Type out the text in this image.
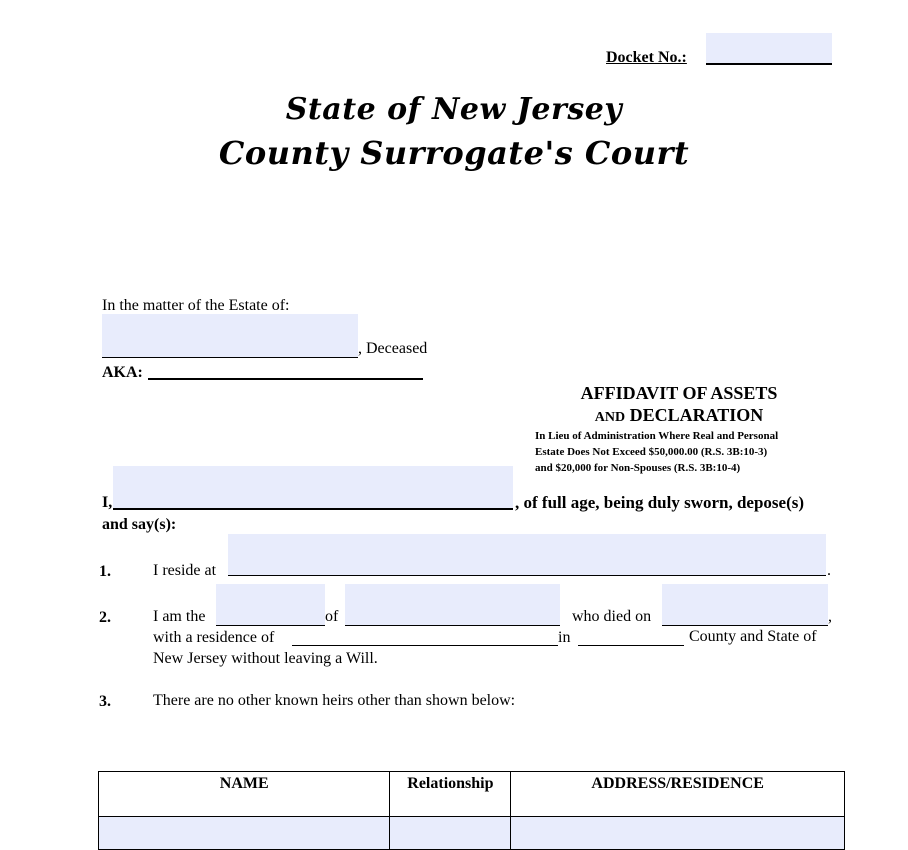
Docket No.:
State of New Jersey
County Surrogate's Court
In the matter of the Estate of:
, Deceased
AKA:
AFFIDAVIT OF ASSETS
AND DECLARATION
In Lieu of Administration Where Real and Personal
Estate Does Not Exceed $50,000.00 (R.S. 3B:10-3)
and $20,000 for Non-Spouses (R.S. 3B:10-4)
I,	, of full age, being duly sworn, depose(s)
and say(s):
1.	I reside at	.
2.	I am the	of	who died on	,
with a residence of	in	County and State of
New Jersey without leaving a Will.
3.	There are no other known heirs other than shown below:
NAME	Relationship	ADDRESS/RESIDENCE
